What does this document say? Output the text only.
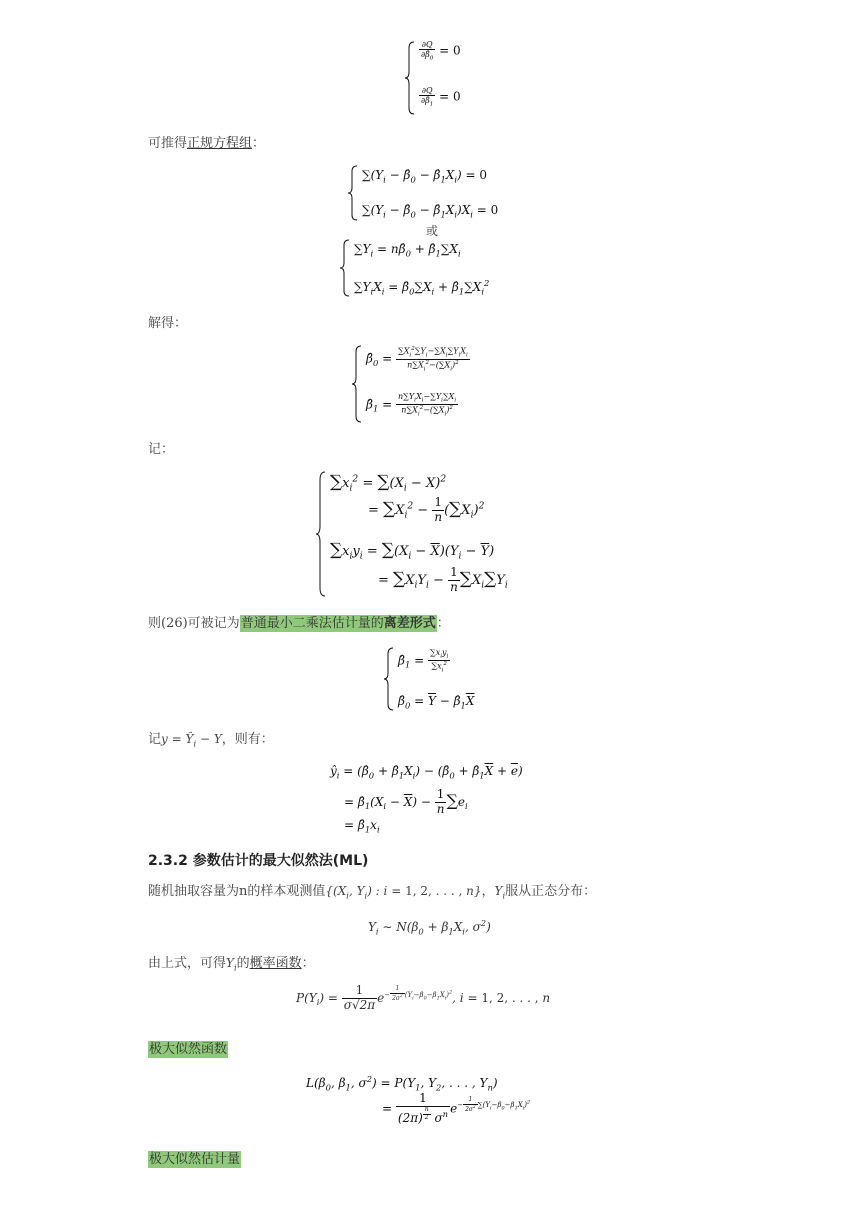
$\frac{\partial Q}{\partial\betâ_0} = 0$
$\frac{\partial Q}{\partial\betâ_1} = 0$
可推得正规方程组：
$\sum(Y_i$ − $\betâ_0$ − $\betâ_1X_i) = 0$
$\sum(Y_i$ − $\betâ_0$ − $\betâ_1X_i)X_i = 0$
或
$\sum Y_i$ = $n\betâ_0$ + $\betâ_1\sum X_i$
$\sum Y_iX_i$ = $\betâ_0\sum X_i$ + $\betâ_1\sum X_i^2$
解得：
$\betâ_0 = \frac{\sum X_i^2\sum Y_i-\sum X_i\sum Y_iX_i}{n\sum X_i^2-(\sum X_i)^2}$
$\betâ_1 = \frac{n\sum Y_iX_i-\sum Y_i\sum X_i}{n\sum X_i^2-(\sum X_i)^2}$
记：
$\sum x_i^2 = \sum(X_i - X)^2$
= $\sum X_i^2 - \frac{1}{n} (\sum X_i)^2$
$\sum x_iy_i = \sum(X_i - \overline{X})(Y_i - \overline{Y})$
= $\sum X_iY_i - \frac{1}{n} \sum X_i\sum Y_i$
则(26)可被记为普通最小二乘法估计量的离差形式：
$\betâ_1 = \frac{\sum x_iy_i}{\sum x_i^2}$
$\betâ_0 = \overline{Y}$ − $\betâ_1\overline{X}$
记$y = Ŷ_i - Y$，则有：
$ŷ_i$ = ($\betâ_0$ + $\betâ_1X_i$) − ($\betâ_0$ + $\betâ_1\overline{X} + \overline{e}$)
= $\betâ_1(X_i - \overline{X}) - \frac{1}{n} \sum e_i$
= $\betâ_1x_i$
2.3.2 参数估计的最大似然法(ML)
随机抽取容量为n的样本观测值{($X_i$, $Y_i$) : i = 1, 2, . . . , n}，$Y_i$服从正态分布：
$Y_i$ ∼ $N(\beta_0 + \beta_1X_i$, $\sigma^2$)
由上式，可得$Y_i$的概率函数：
$P(Y_i) = \frac{1}{\sigma√2\pi} e^{- \frac{1}{2\sigma^2} (Y_i-\beta_0-\beta_1X_i)^2}$, i = 1, 2, . . . , n
极大似然函数
$L(\beta_0$, $\beta_1$, $\sigma^2) = P(Y_1$, $Y_2$, . . . , $Y_n$)
= 1
(2π) $^{\frac{n}{2}}$ $\sigma^n$ $e^{- \frac{1}{2\sigma^2} \sum(Y_i-\beta_0-\beta_1X_i)^2}$
极大似然估计量
